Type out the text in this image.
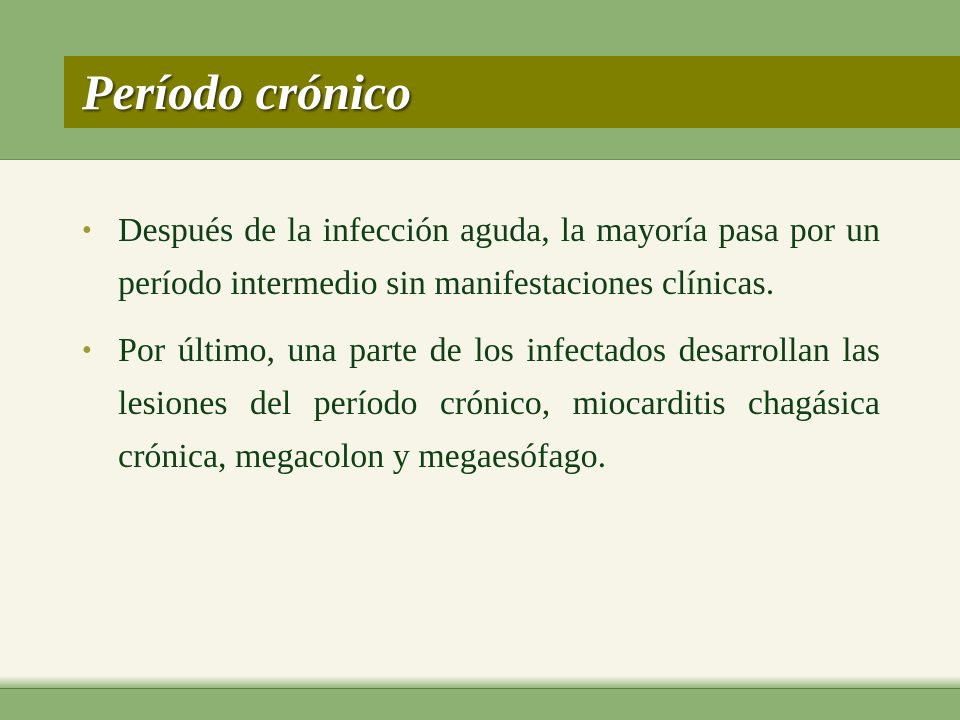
Período crónico
• Después de la infección aguda, la mayoría pasa por un período intermedio sin manifestaciones clínicas.
• Por último, una parte de los infectados desarrollan las lesiones del período crónico, miocarditis chagásica crónica, megacolon y megaesófago.
